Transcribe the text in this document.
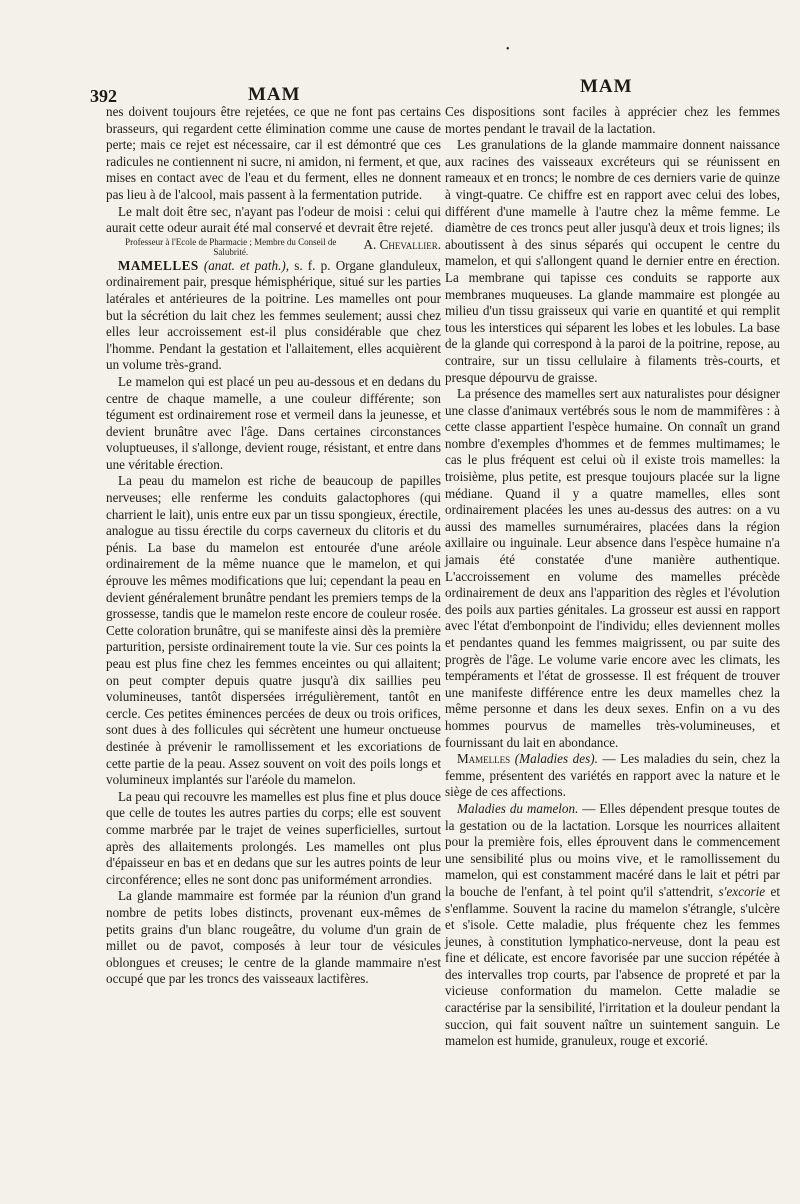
•
392	MAM	MAM

nes doivent toujours être rejetées, ce que ne font pas certains brasseurs, qui regardent cette élimination comme une cause de perte; mais ce rejet est nécessaire, car il est démontré que ces radicules ne contiennent ni sucre, ni amidon, ni ferment, et que, mises en contact avec de l'eau et du ferment, elles ne donnent pas lieu à de l'alcool, mais passent à la fermentation putride.

Le malt doit être sec, n'ayant pas l'odeur de moisi : celui qui aurait cette odeur aurait été mal conservé et devrait être rejeté.
A. Chevallier.

Professeur à l'Ecole de Pharmacie ; Membre du Conseil de Salubrité.

MAMELLES (anat. et path.), s. f. p. Organe glanduleux, ordinairement pair, presque hémisphérique, situé sur les parties latérales et antérieures de la poitrine. Les mamelles ont pour but la sécrétion du lait chez les femmes seulement; aussi chez elles leur accroissement est-il plus considérable que chez l'homme. Pendant la gestation et l'allaitement, elles acquièrent un volume très-grand.

Le mamelon qui est placé un peu au-dessous et en dedans du centre de chaque mamelle, a une couleur différente; son tégument est ordinairement rose et vermeil dans la jeunesse, et devient brunâtre avec l'âge. Dans certaines circonstances voluptueuses, il s'allonge, devient rouge, résistant, et entre dans une véritable érection.

La peau du mamelon est riche de beaucoup de papilles nerveuses; elle renferme les conduits galactophores (qui charrient le lait), unis entre eux par un tissu spongieux, érectile, analogue au tissu érectile du corps caverneux du clitoris et du pénis. La base du mamelon est entourée d'une aréole ordinairement de la même nuance que le mamelon, et qui éprouve les mêmes modifications que lui; cependant la peau en devient généralement brunâtre pendant les premiers temps de la grossesse, tandis que le mamelon reste encore de couleur rosée. Cette coloration brunâtre, qui se manifeste ainsi dès la première parturition, persiste ordinairement toute la vie. Sur ces points la peau est plus fine chez les femmes enceintes ou qui allaitent; on peut compter depuis quatre jusqu'à dix saillies peu volumineuses, tantôt dispersées irrégulièrement, tantôt en cercle. Ces petites éminences percées de deux ou trois orifices, sont dues à des follicules qui sécrètent une humeur onctueuse destinée à prévenir le ramollissement et les excoriations de cette partie de la peau. Assez souvent on voit des poils longs et volumineux implantés sur l'aréole du mamelon.

La peau qui recouvre les mamelles est plus fine et plus douce que celle de toutes les autres parties du corps; elle est souvent comme marbrée par le trajet de veines superficielles, surtout après des allaitements prolongés. Les mamelles ont plus d'épaisseur en bas et en dedans que sur les autres points de leur circonférence; elles ne sont donc pas uniformément arrondies.

La glande mammaire est formée par la réunion d'un grand nombre de petits lobes distincts, provenant eux-mêmes de petits grains d'un blanc rougeâtre, du volume d'un grain de millet ou de pavot, composés à leur tour de vésicules oblongues et creuses; le centre de la glande mammaire n'est occupé que par les troncs des vaisseaux lactifères.

Ces dispositions sont faciles à apprécier chez les femmes mortes pendant le travail de la lactation.

Les granulations de la glande mammaire donnent naissance aux racines des vaisseaux excréteurs qui se réunissent en rameaux et en troncs; le nombre de ces derniers varie de quinze à vingt-quatre. Ce chiffre est en rapport avec celui des lobes, différent d'une mamelle à l'autre chez la même femme. Le diamètre de ces troncs peut aller jusqu'à deux et trois lignes; ils aboutissent à des sinus séparés qui occupent le centre du mamelon, et qui s'allongent quand le dernier entre en érection. La membrane qui tapisse ces conduits se rapporte aux membranes muqueuses. La glande mammaire est plongée au milieu d'un tissu graisseux qui varie en quantité et qui remplit tous les interstices qui séparent les lobes et les lobules. La base de la glande qui correspond à la paroi de la poitrine, repose, au contraire, sur un tissu cellulaire à filaments très-courts, et presque dépourvu de graisse.

La présence des mamelles sert aux naturalistes pour désigner une classe d'animaux vertébrés sous le nom de mammifères : à cette classe appartient l'espèce humaine. On connaît un grand nombre d'exemples d'hommes et de femmes multimames; le cas le plus fréquent est celui où il existe trois mamelles: la troisième, plus petite, est presque toujours placée sur la ligne médiane. Quand il y a quatre mamelles, elles sont ordinairement placées les unes au-dessus des autres: on a vu aussi des mamelles surnuméraires, placées dans la région axillaire ou inguinale. Leur absence dans l'espèce humaine n'a jamais été constatée d'une manière authentique. L'accroissement en volume des mamelles précède ordinairement de deux ans l'apparition des règles et l'évolution des poils aux parties génitales. La grosseur est aussi en rapport avec l'état d'embonpoint de l'individu; elles deviennent molles et pendantes quand les femmes maigrissent, ou par suite des progrès de l'âge. Le volume varie encore avec les climats, les tempéraments et l'état de grossesse. Il est fréquent de trouver une manifeste différence entre les deux mamelles chez la même personne et dans les deux sexes. Enfin on a vu des hommes pourvus de mamelles très-volumineuses, et fournissant du lait en abondance.

Mamelles (Maladies des). — Les maladies du sein, chez la femme, présentent des variétés en rapport avec la nature et le siège de ces affections.

Maladies du mamelon. — Elles dépendent presque toutes de la gestation ou de la lactation. Lorsque les nourrices allaitent pour la première fois, elles éprouvent dans le commencement une sensibilité plus ou moins vive, et le ramollissement du mamelon, qui est constamment macéré dans le lait et pétri par la bouche de l'enfant, à tel point qu'il s'attendrit, s'excorie et s'enflamme. Souvent la racine du mamelon s'étrangle, s'ulcère et s'isole. Cette maladie, plus fréquente chez les femmes jeunes, à constitution lymphatico-nerveuse, dont la peau est fine et délicate, est encore favorisée par une succion répétée à des intervalles trop courts, par l'absence de propreté et par la vicieuse conformation du mamelon. Cette maladie se caractérise par la sensibilité, l'irritation et la douleur pendant la succion, qui fait souvent naître un suintement sanguin. Le mamelon est humide, granuleux, rouge et excorié.
